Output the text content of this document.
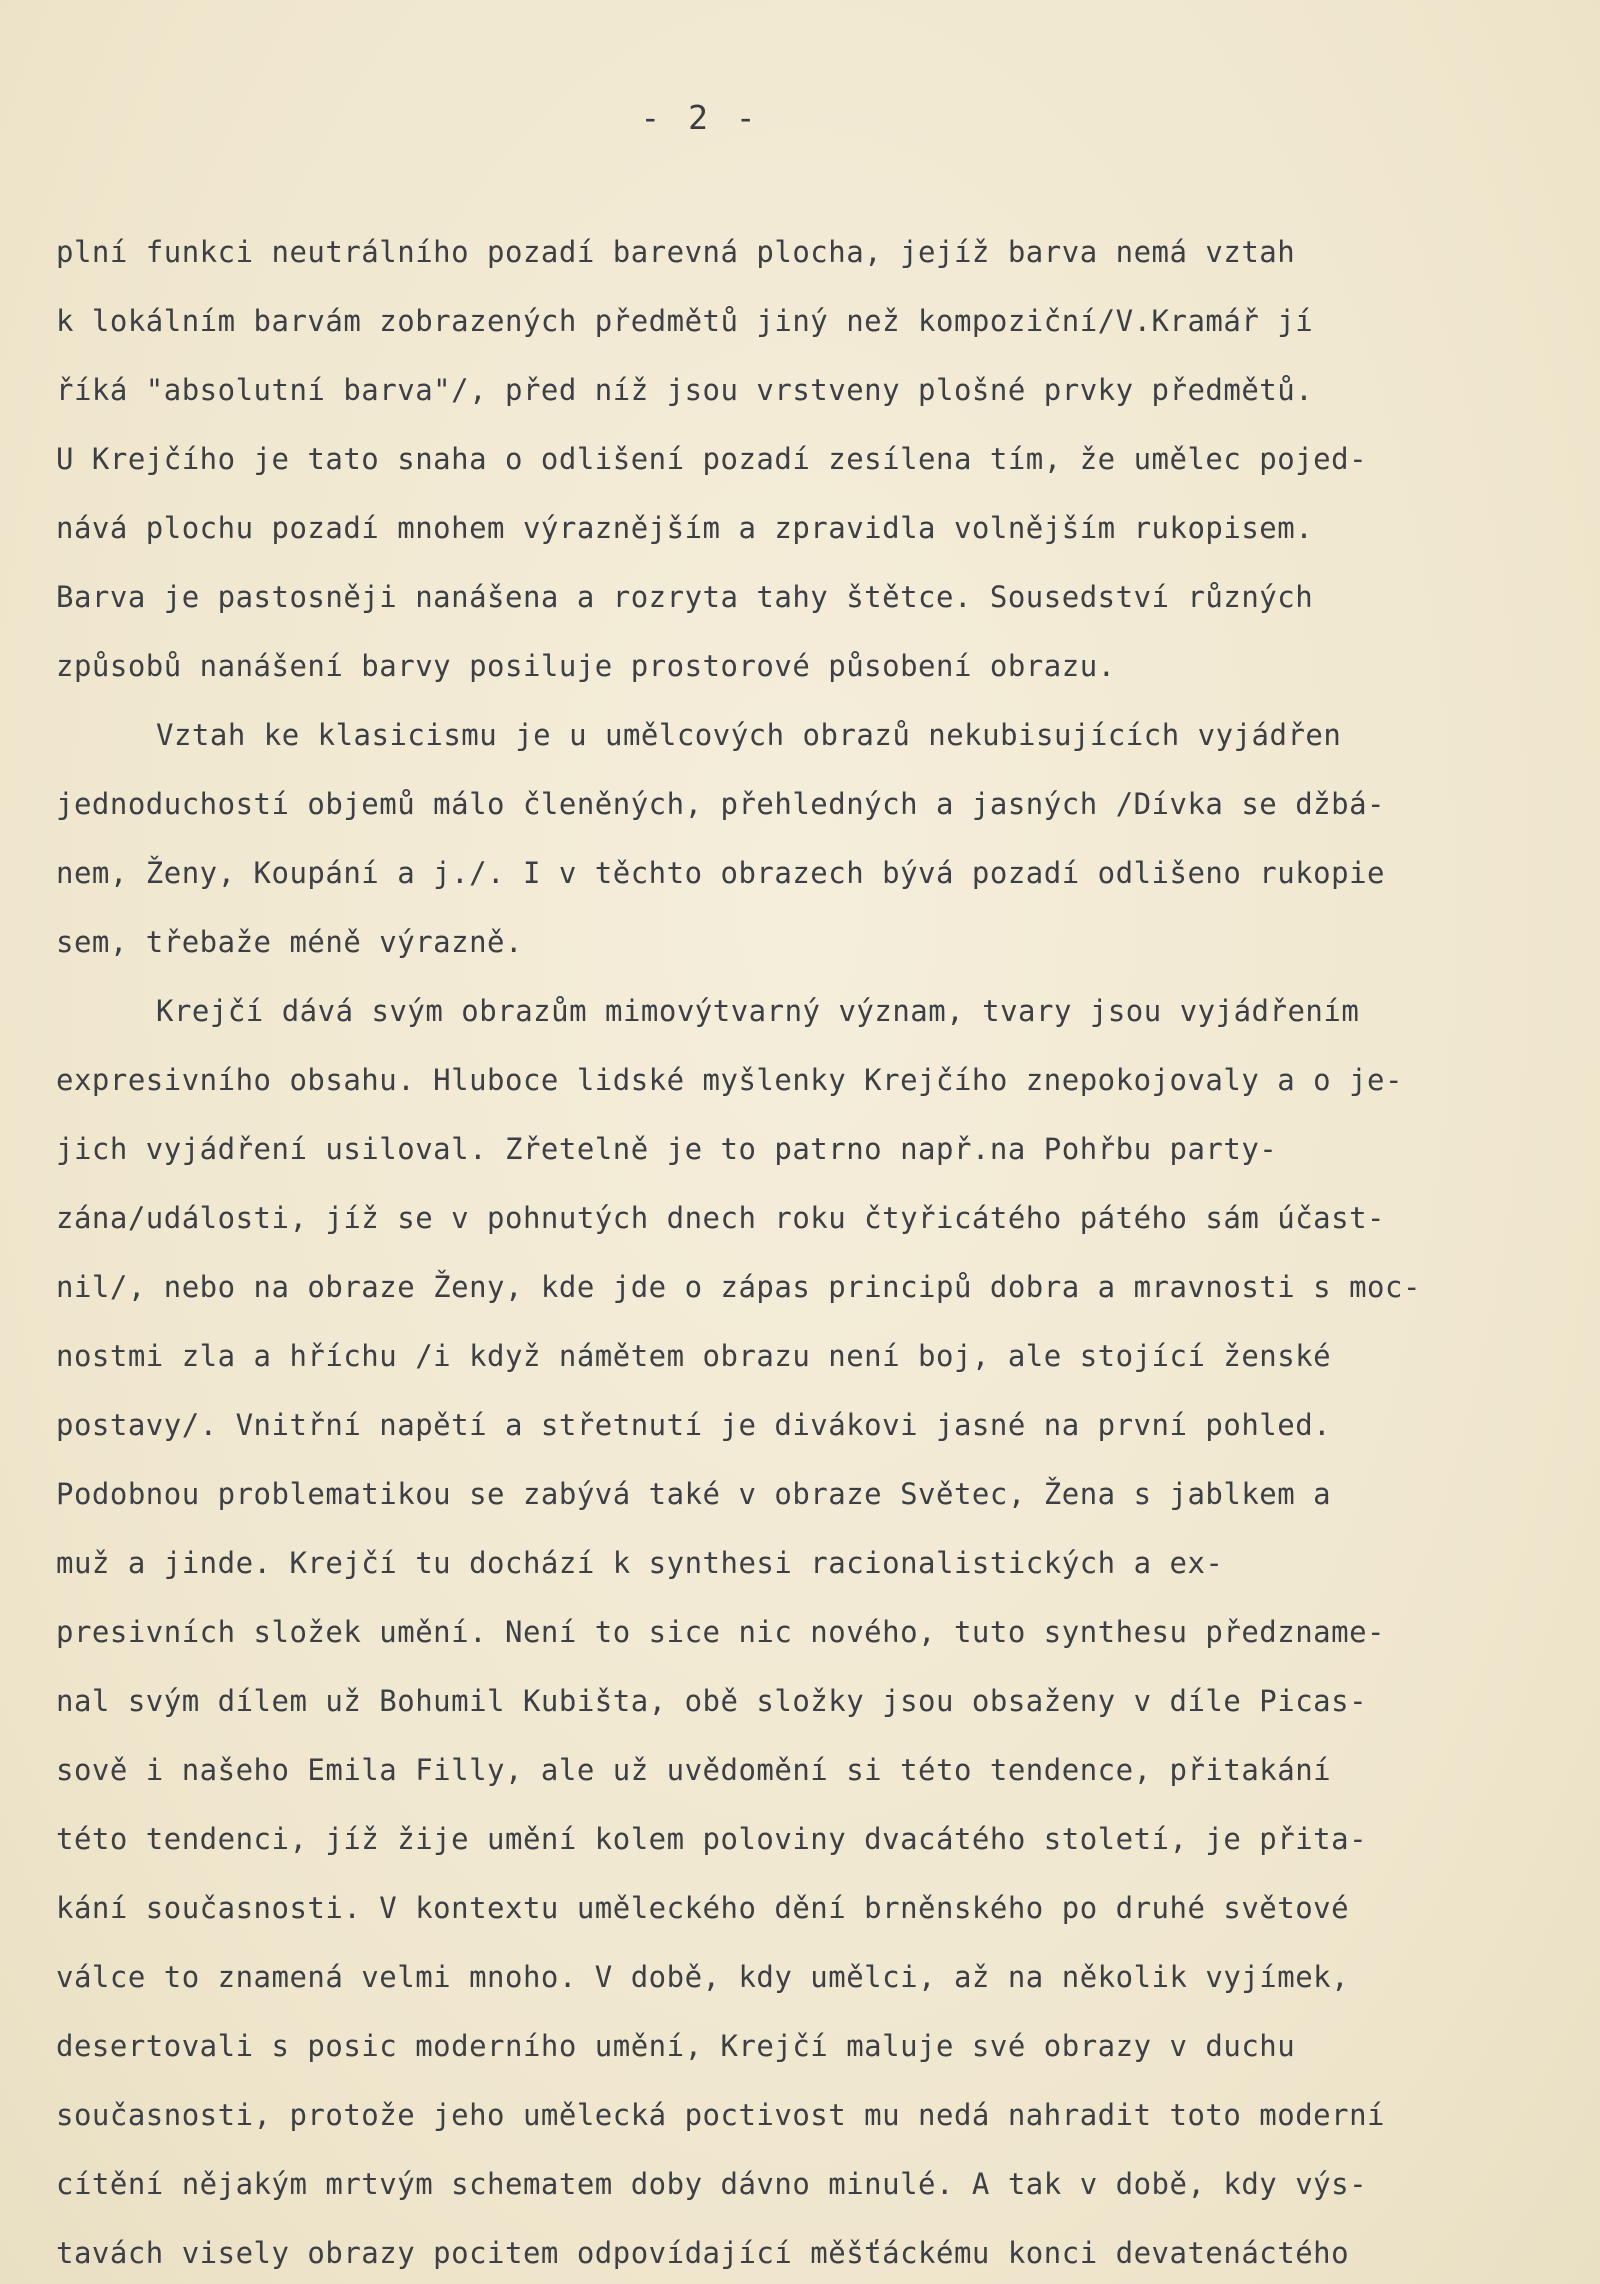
- 2 -
plní funkci neutrálního pozadí barevná plocha, jejíž barva nemá vztah
k lokálním barvám zobrazených předmětů jiný než kompoziční/V.Kramář jí
říká "absolutní barva"/, před níž jsou vrstveny plošné prvky předmětů.
U Krejčího je tato snaha o odlišení pozadí zesílena tím, že umělec pojed-
nává plochu pozadí mnohem výraznějším a zpravidla volnějším rukopisem.
Barva je pastosněji nanášena a rozryta tahy štětce. Sousedství různých
způsobů nanášení barvy posiluje prostorové působení obrazu.
Vztah ke klasicismu je u umělcových obrazů nekubisujících vyjádřen
jednoduchostí objemů málo členěných, přehledných a jasných /Dívka se džbá-
nem, Ženy, Koupání a j./. I v těchto obrazech bývá pozadí odlišeno rukopie
sem, třebaže méně výrazně.
Krejčí dává svým obrazům mimovýtvarný význam, tvary jsou vyjádřením
expresivního obsahu. Hluboce lidské myšlenky Krejčího znepokojovaly a o je-
jich vyjádření usiloval. Zřetelně je to patrno např.na Pohřbu party-
zána/události, jíž se v pohnutých dnech roku čtyřicátého pátého sám účast-
nil/, nebo na obraze Ženy, kde jde o zápas principů dobra a mravnosti s moc-
nostmi zla a hříchu /i když námětem obrazu není boj, ale stojící ženské
postavy/. Vnitřní napětí a střetnutí je divákovi jasné na první pohled.
Podobnou problematikou se zabývá také v obraze Světec, Žena s jablkem a
muž a jinde. Krejčí tu dochází k synthesi racionalistických a ex-
presivních složek umění. Není to sice nic nového, tuto synthesu předzname-
nal svým dílem už Bohumil Kubišta, obě složky jsou obsaženy v díle Picas-
sově i našeho Emila Filly, ale už uvědomění si této tendence, přitakání
této tendenci, jíž žije umění kolem poloviny dvacátého století, je přita-
kání současnosti. V kontextu uměleckého dění brněnského po druhé světové
válce to znamená velmi mnoho. V době, kdy umělci, až na několik vyjímek,
desertovali s posic moderního umění, Krejčí maluje své obrazy v duchu
současnosti, protože jeho umělecká poctivost mu nedá nahradit toto moderní
cítění nějakým mrtvým schematem doby dávno minulé. A tak v době, kdy výs-
tavách visely obrazy pocitem odpovídající měšťáckému konci devatenáctého
